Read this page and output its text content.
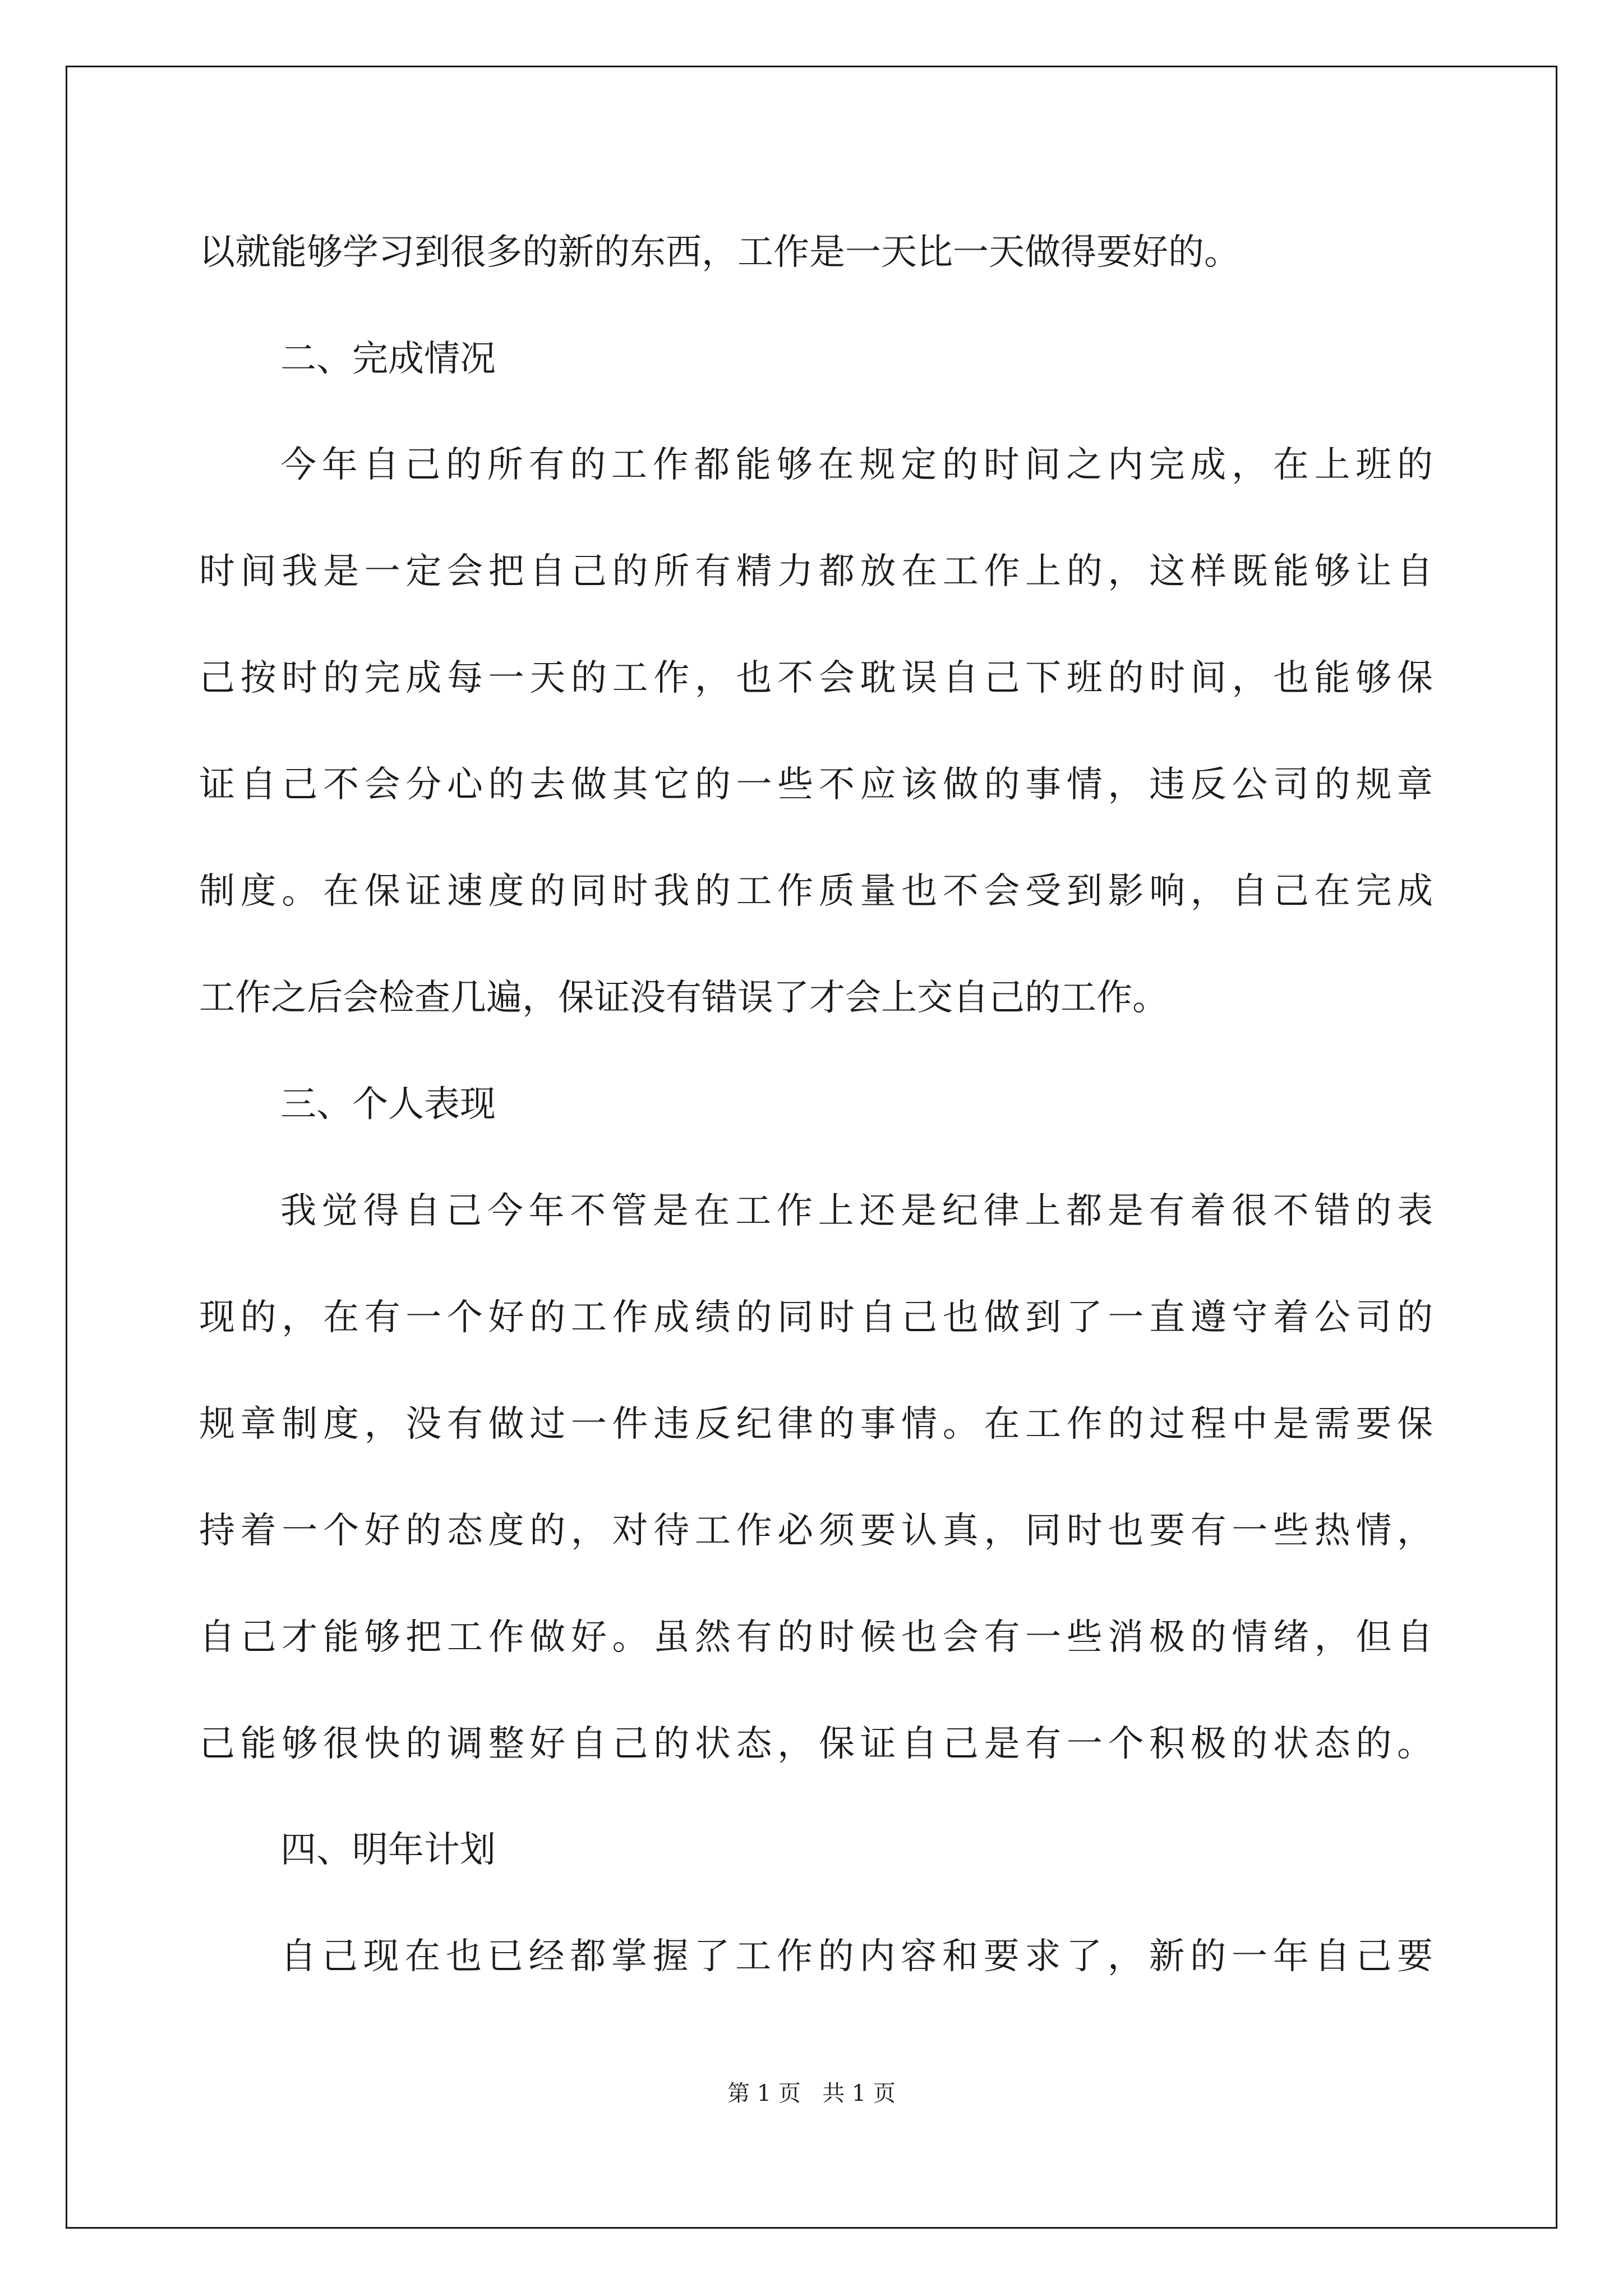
以就能够学习到很多的新的东西，工作是一天比一天做得要好的。

二、完成情况

今年自己的所有的工作都能够在规定的时间之内完成，在上班的

时间我是一定会把自己的所有精力都放在工作上的，这样既能够让自

己按时的完成每一天的工作，也不会耽误自己下班的时间，也能够保

证自己不会分心的去做其它的一些不应该做的事情，违反公司的规章

制度。在保证速度的同时我的工作质量也不会受到影响，自己在完成

工作之后会检查几遍，保证没有错误了才会上交自己的工作。

三、个人表现

我觉得自己今年不管是在工作上还是纪律上都是有着很不错的表

现的，在有一个好的工作成绩的同时自己也做到了一直遵守着公司的

规章制度，没有做过一件违反纪律的事情。在工作的过程中是需要保

持着一个好的态度的，对待工作必须要认真，同时也要有一些热情，

自己才能够把工作做好。虽然有的时候也会有一些消极的情绪，但自

己能够很快的调整好自己的状态，保证自己是有一个积极的状态的。

四、明年计划

自己现在也已经都掌握了工作的内容和要求了，新的一年自己要

第 1 页   共 1 页
